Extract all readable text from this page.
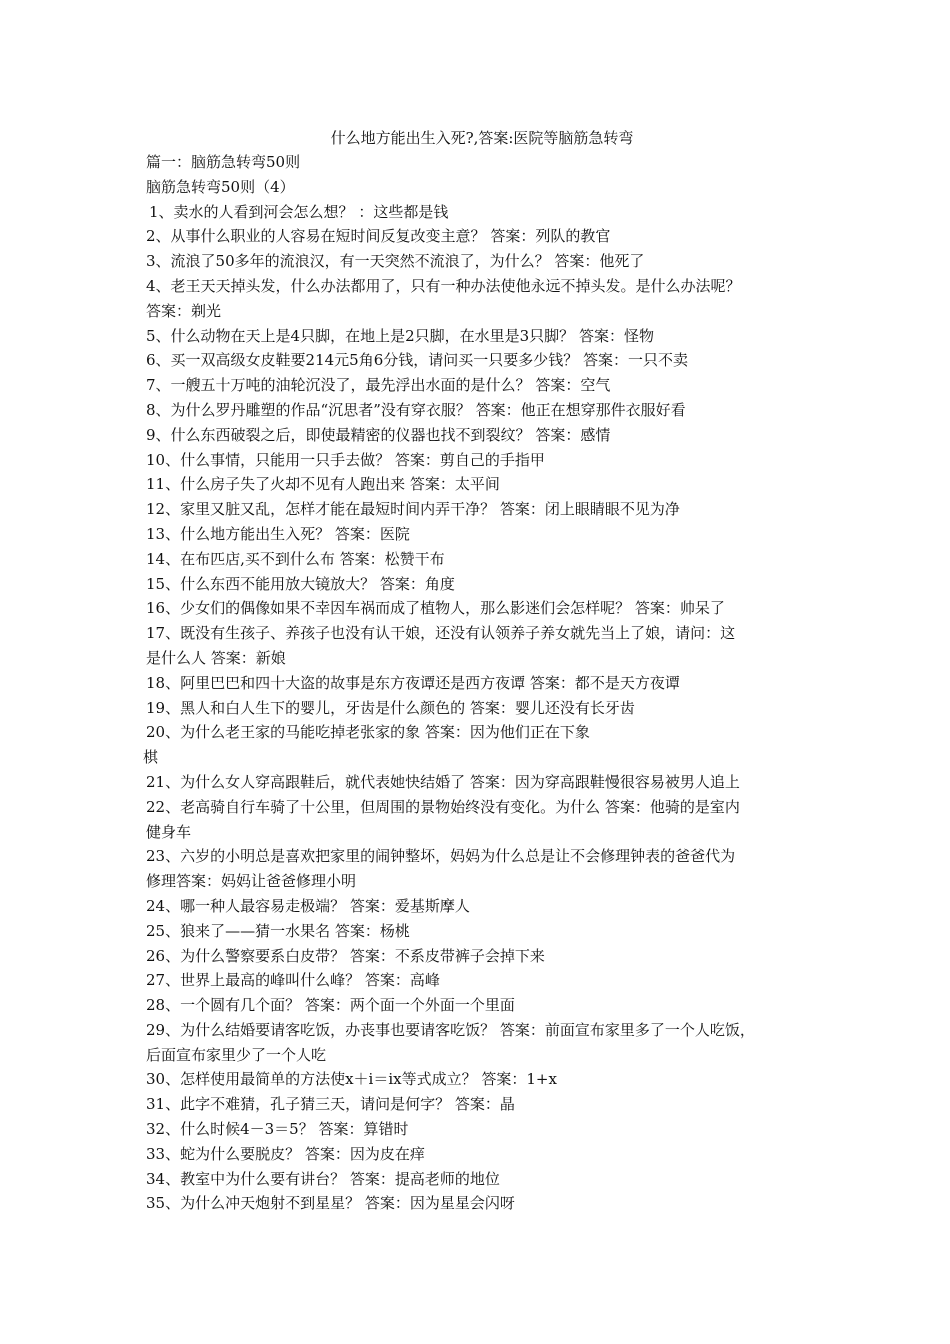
什么地方能出生入死?,答案:医院等脑筋急转弯
篇一：脑筋急转弯50则
脑筋急转弯50则（4）
1、卖水的人看到河会怎么想？ ：这些都是钱
2、从事什么职业的人容易在短时间反复改变主意？ 答案：列队的教官
3、流浪了50多年的流浪汉，有一天突然不流浪了，为什么？ 答案：他死了
4、老王天天掉头发，什么办法都用了，只有一种办法使他永远不掉头发。是什么办法呢？
答案：剃光
5、什么动物在天上是4只脚，在地上是2只脚，在水里是3只脚？ 答案：怪物
6、买一双高级女皮鞋要214元5角6分钱，请问买一只要多少钱？ 答案：一只不卖
7、一艘五十万吨的油轮沉没了，最先浮出水面的是什么？ 答案：空气
8、为什么罗丹雕塑的作品“沉思者”没有穿衣服？ 答案：他正在想穿那件衣服好看
9、什么东西破裂之后，即使最精密的仪器也找不到裂纹？ 答案：感情
10、什么事情，只能用一只手去做？ 答案：剪自己的手指甲
11、什么房子失了火却不见有人跑出来 答案：太平间
12、家里又脏又乱，怎样才能在最短时间内弄干净？ 答案：闭上眼睛眼不见为净
13、什么地方能出生入死？ 答案：医院
14、在布匹店,买不到什么布 答案：松赞干布
15、什么东西不能用放大镜放大？ 答案：角度
16、少女们的偶像如果不幸因车祸而成了植物人，那么影迷们会怎样呢？ 答案：帅呆了
17、既没有生孩子、养孩子也没有认干娘，还没有认领养子养女就先当上了娘，请问：这
是什么人 答案：新娘
18、阿里巴巴和四十大盗的故事是东方夜谭还是西方夜谭 答案：都不是天方夜谭
19、黑人和白人生下的婴儿，牙齿是什么颜色的 答案：婴儿还没有长牙齿
20、为什么老王家的马能吃掉老张家的象 答案：因为他们正在下象
棋
21、为什么女人穿高跟鞋后，就代表她快结婚了 答案：因为穿高跟鞋慢很容易被男人追上
22、老高骑自行车骑了十公里，但周围的景物始终没有变化。为什么 答案：他骑的是室内
健身车
23、六岁的小明总是喜欢把家里的闹钟整坏，妈妈为什么总是让不会修理钟表的爸爸代为
修理答案：妈妈让爸爸修理小明
24、哪一种人最容易走极端？ 答案：爱基斯摩人
25、狼来了——猜一水果名 答案：杨桃
26、为什么警察要系白皮带？ 答案：不系皮带裤子会掉下来
27、世界上最高的峰叫什么峰？ 答案：高峰
28、一个圆有几个面？ 答案：两个面一个外面一个里面
29、为什么结婚要请客吃饭，办丧事也要请客吃饭？ 答案：前面宣布家里多了一个人吃饭，
后面宣布家里少了一个人吃
30、怎样使用最简单的方法使x＋i＝ix等式成立？ 答案：1+x
31、此字不难猜，孔子猜三天，请问是何字？ 答案：晶
32、什么时候4－3＝5？ 答案：算错时
33、蛇为什么要脱皮？ 答案：因为皮在痒
34、教室中为什么要有讲台？ 答案：提高老师的地位
35、为什么冲天炮射不到星星？ 答案：因为星星会闪呀
